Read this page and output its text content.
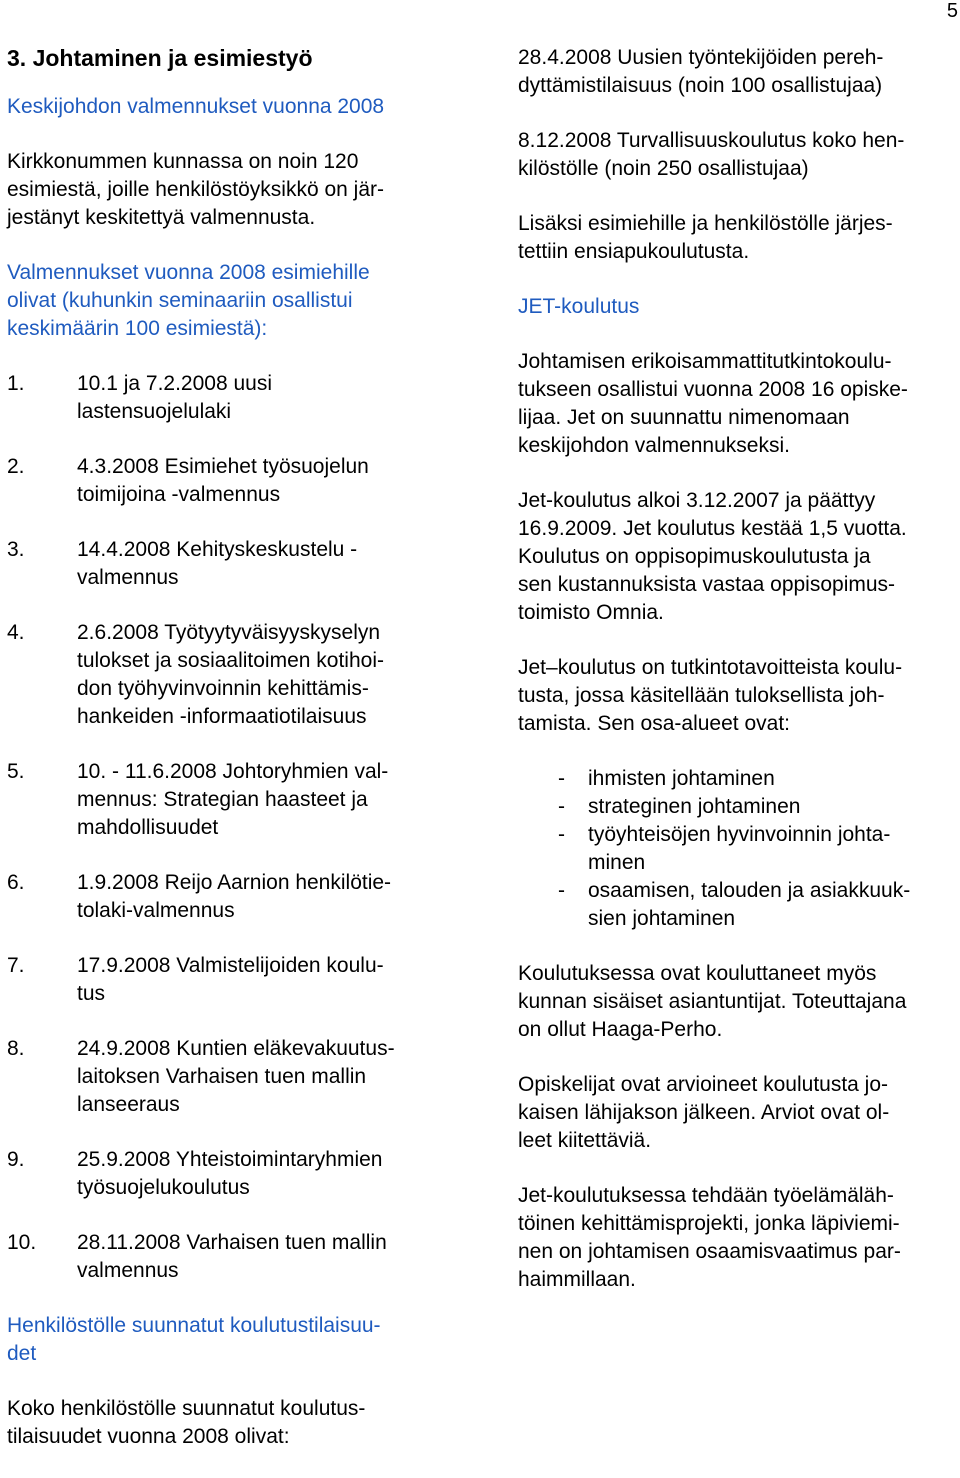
5
3. Johtaminen ja esimiestyö

Keskijohdon valmennukset vuonna 2008

Kirkkonummen kunnassa on noin 120
esimiestä, joille henkilöstöyksikkö on jär-
jestänyt keskitettyä valmennusta.

Valmennukset vuonna 2008 esimiehille
olivat (kuhunkin seminaariin osallistui
keskimäärin 100 esimiestä):

1.	10.1 ja 7.2.2008 uusi
lastensuojelulaki
2.	4.3.2008 Esimiehet työsuojelun
toimijoina -valmennus
3.	14.4.2008 Kehityskeskustelu -
valmennus
4.	2.6.2008 Työtyytyväisyyskyselyn
tulokset ja sosiaalitoimen kotihoi-
don työhyvinvoinnin kehittämis-
hankeiden -informaatiotilaisuus
5.	10. - 11.6.2008 Johtoryhmien val-
mennus: Strategian haasteet ja
mahdollisuudet
6.	1.9.2008 Reijo Aarnion henkilötie-
tolaki-valmennus
7.	17.9.2008 Valmistelijoiden koulu-
tus
8.	24.9.2008 Kuntien eläkevakuutus-
laitoksen Varhaisen tuen mallin
lanseeraus
9.	25.9.2008 Yhteistoimintaryhmien
työsuojelukoulutus
10.	28.11.2008 Varhaisen tuen mallin
valmennus

Henkilöstölle suunnatut koulutustilaisuu-
det

Koko henkilöstölle suunnatut koulutus-
tilaisuudet vuonna 2008 olivat:

28.4.2008 Uusien työntekijöiden pereh-
dyttämistilaisuus (noin 100 osallistujaa)

8.12.2008 Turvallisuuskoulutus koko hen-
kilöstölle (noin 250 osallistujaa)

Lisäksi esimiehille ja henkilöstölle järjes-
tettiin ensiapukoulutusta.

JET-koulutus

Johtamisen erikoisammattitutkintokoulu-
tukseen osallistui vuonna 2008 16 opiske-
lijaa. Jet on suunnattu nimenomaan
keskijohdon valmennukseksi.

Jet-koulutus alkoi 3.12.2007 ja päättyy
16.9.2009. Jet koulutus kestää 1,5 vuotta.
Koulutus on oppisopimuskoulutusta ja
sen kustannuksista vastaa oppisopimus-
toimisto Omnia.

Jet–koulutus on tutkintotavoitteista koulu-
tusta, jossa käsitellään tuloksellista joh-
tamista. Sen osa-alueet ovat:

-	ihmisten johtaminen
-	strateginen johtaminen
-	työyhteisöjen hyvinvoinnin johta-
minen
-	osaamisen, talouden ja asiakkuuk-
sien johtaminen

Koulutuksessa ovat kouluttaneet myös
kunnan sisäiset asiantuntijat. Toteuttajana
on ollut Haaga-Perho.

Opiskelijat ovat arvioineet koulutusta jo-
kaisen lähijakson jälkeen. Arviot ovat ol-
leet kiitettäviä.

Jet-koulutuksessa tehdään työelämäläh-
töinen kehittämisprojekti, jonka läpiviemi-
nen on johtamisen osaamisvaatimus par-
haimmillaan.
